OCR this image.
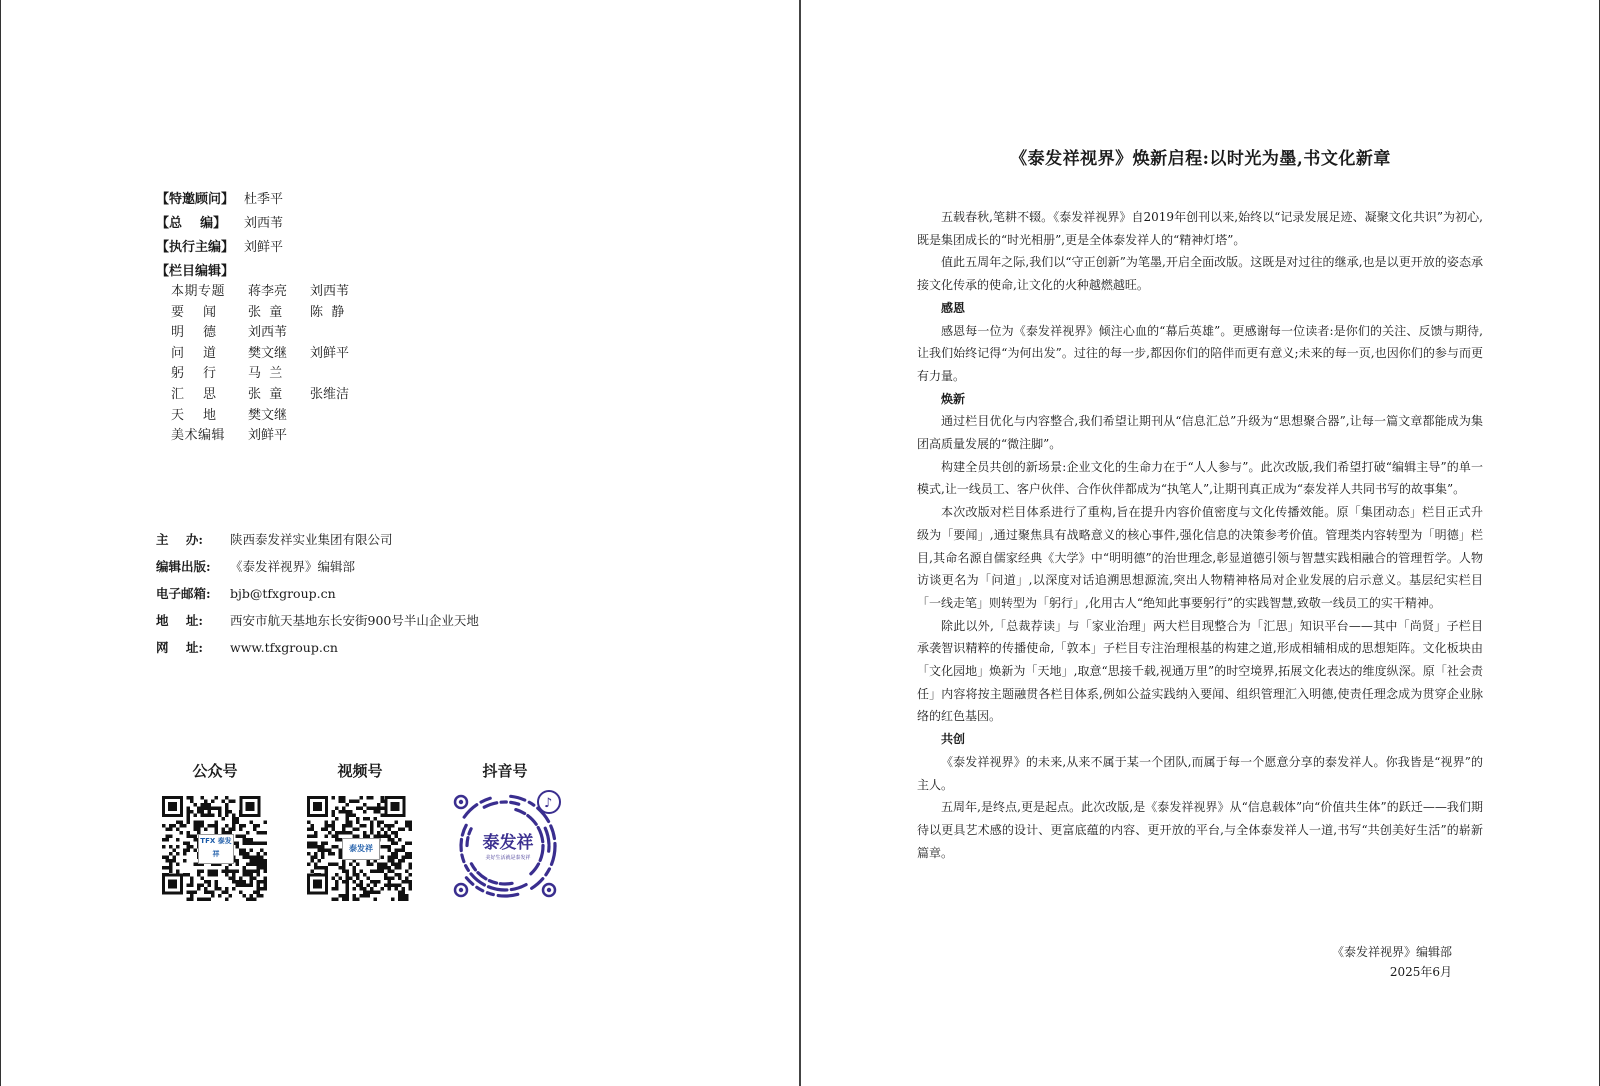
【特邀顾问】 杜季平
【总    编】	刘西苇
【执行主编】 刘鲜平
【栏目编辑】
本期专题	蒋李亮	刘西苇
要    闻	张  童	陈  静
明    德	刘西苇
问    道	樊文继	刘鲜平
躬    行	马  兰
汇    思	张  童	张维洁
天    地	樊文继
美术编辑	刘鲜平
主    办:	陕西泰发祥实业集团有限公司
编辑出版:	《泰发祥视界》编辑部
电子邮箱:	bjb@tfxgroup.cn
地    址:	西安市航天基地东长安街900号半山企业天地
网    址:	www.tfxgroup.cn
公众号
TFX 泰发祥
视频号
泰发祥
抖音号
♪
泰发祥
美好生活就是泰发祥
《泰发祥视界》焕新启程:以时光为墨,书文化新章

五载春秋,笔耕不辍。《泰发祥视界》自2019年创刊以来,始终以“记录发展足迹、凝聚文化共识”为初心,既是集团成长的“时光相册”,更是全体泰发祥人的“精神灯塔”。

值此五周年之际,我们以“守正创新”为笔墨,开启全面改版。这既是对过往的继承,也是以更开放的姿态承接文化传承的使命,让文化的火种越燃越旺。

感恩

感恩每一位为《泰发祥视界》倾注心血的“幕后英雄”。更感谢每一位读者:是你们的关注、反馈与期待,让我们始终记得“为何出发”。过往的每一步,都因你们的陪伴而更有意义;未来的每一页,也因你们的参与而更有力量。

焕新

通过栏目优化与内容整合,我们希望让期刊从“信息汇总”升级为“思想聚合器”,让每一篇文章都能成为集团高质量发展的“微注脚”。

构建全员共创的新场景:企业文化的生命力在于“人人参与”。此次改版,我们希望打破“编辑主导”的单一模式,让一线员工、客户伙伴、合作伙伴都成为“执笔人”,让期刊真正成为“泰发祥人共同书写的故事集”。

本次改版对栏目体系进行了重构,旨在提升内容价值密度与文化传播效能。原「集团动态」栏目正式升级为「要闻」,通过聚焦具有战略意义的核心事件,强化信息的决策参考价值。管理类内容转型为「明德」栏目,其命名源自儒家经典《大学》中“明明德”的治世理念,彰显道德引领与智慧实践相融合的管理哲学。人物访谈更名为「问道」,以深度对话追溯思想源流,突出人物精神格局对企业发展的启示意义。基层纪实栏目「一线走笔」则转型为「躬行」,化用古人“绝知此事要躬行”的实践智慧,致敬一线员工的实干精神。

除此以外,「总裁荐读」与「家业治理」两大栏目现整合为「汇思」知识平台——其中「尚贤」子栏目承袭智识精粹的传播使命,「敦本」子栏目专注治理根基的构建之道,形成相辅相成的思想矩阵。文化板块由「文化园地」焕新为「天地」,取意“思接千载,视通万里”的时空境界,拓展文化表达的维度纵深。原「社会责任」内容将按主题融贯各栏目体系,例如公益实践纳入要闻、组织管理汇入明德,使责任理念成为贯穿企业脉络的红色基因。

共创

《泰发祥视界》的未来,从来不属于某一个团队,而属于每一个愿意分享的泰发祥人。你我皆是“视界”的主人。

五周年,是终点,更是起点。此次改版,是《泰发祥视界》从“信息载体”向“价值共生体”的跃迁——我们期待以更具艺术感的设计、更富底蕴的内容、更开放的平台,与全体泰发祥人一道,书写“共创美好生活”的崭新篇章。

《泰发祥视界》编辑部
2025年6月
